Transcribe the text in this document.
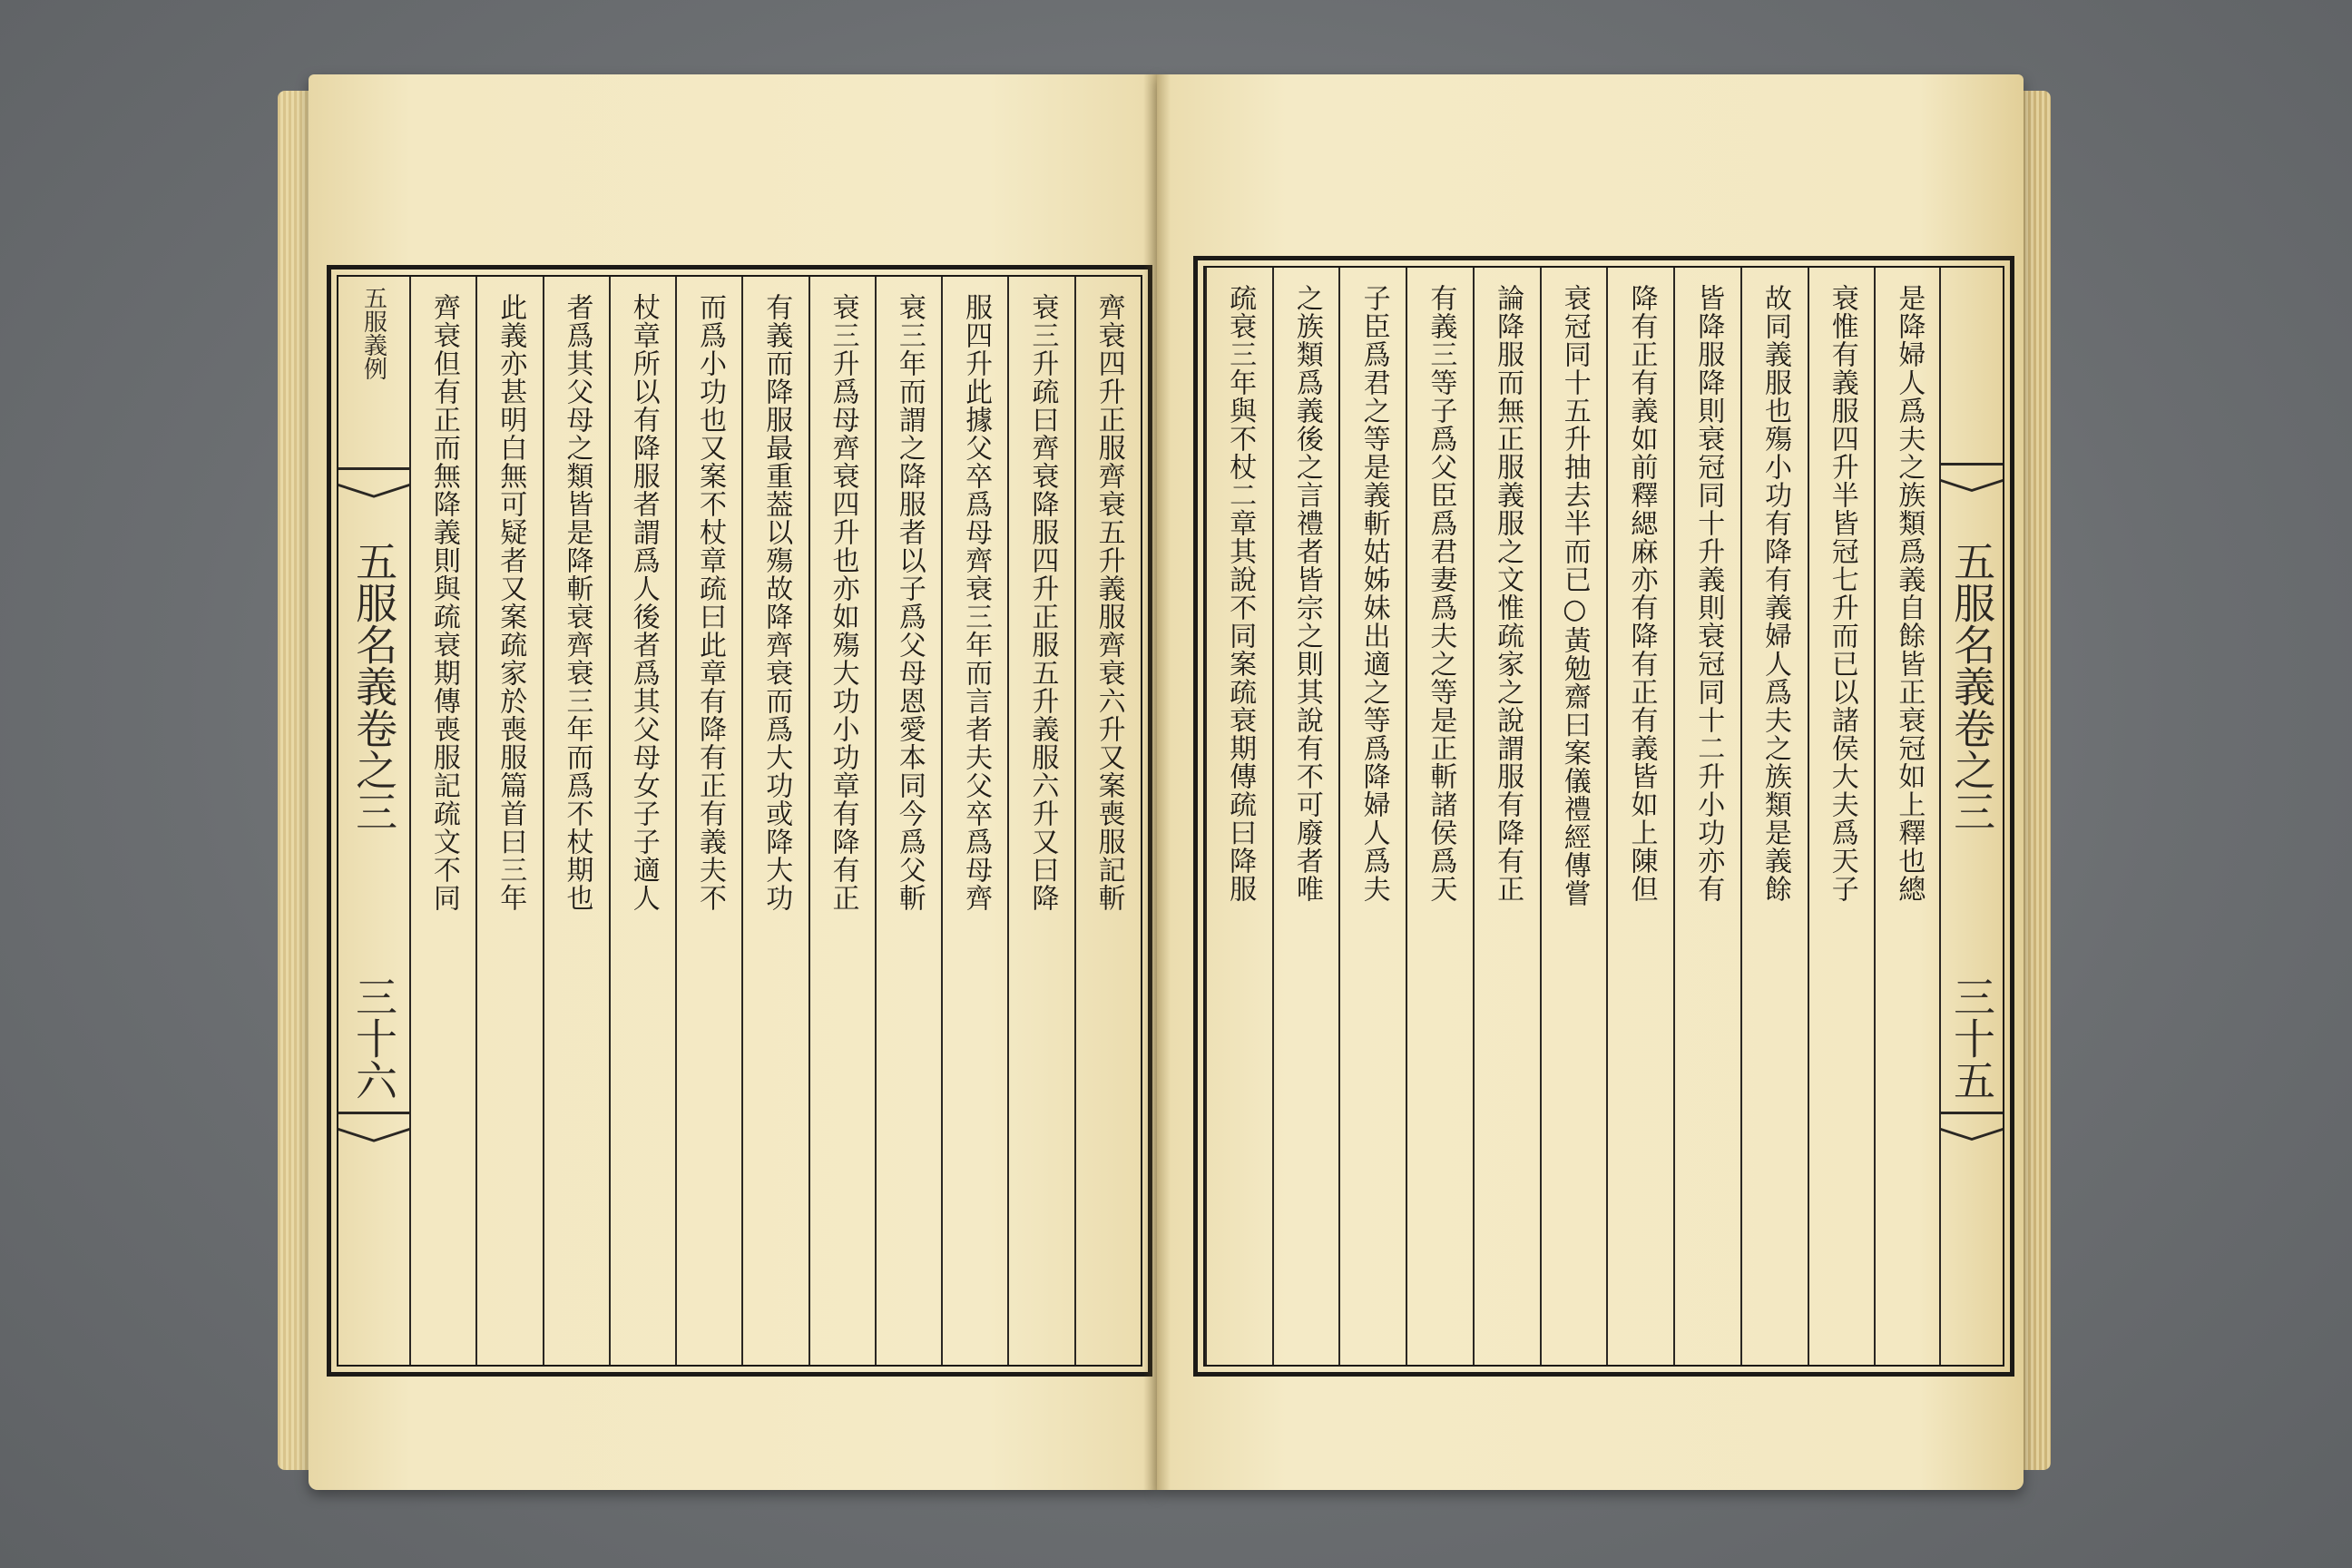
五服義例
五服名義卷之三
三十六
齊衰四升正服齊衰五升義服齊衰六升又案喪服記斬
衰三升疏曰齊衰降服四升正服五升義服六升又曰降
服四升此據父卒爲母齊衰三年而言者夫父卒爲母齊
衰三年而謂之降服者以子爲父母恩愛本同今爲父斬
衰三升爲母齊衰四升也亦如殤大功小功章有降有正
有義而降服最重葢以殤故降齊衰而爲大功或降大功
而爲小功也又案不杖章疏曰此章有降有正有義夫不
杖章所以有降服者謂爲人後者爲其父母女子子適人
者爲其父母之類皆是降斬衰齊衰三年而爲不杖期也
此義亦甚明白無可疑者又案疏家於喪服篇首曰三年
齊衰但有正而無降義則與疏衰期傳喪服記疏文不同	是降婦人爲夫之族類爲義自餘皆正衰冠如上釋也總
衰惟有義服四升半皆冠七升而已以諸侯大夫爲天子
故同義服也殤小功有降有義婦人爲夫之族類是義餘
皆降服降則衰冠同十升義則衰冠同十二升小功亦有
降有正有義如前釋緦麻亦有降有正有義皆如上陳但
衰冠同十五升抽去半而已○黃勉齋曰案儀禮經傳嘗
論降服而無正服義服之文惟疏家之說謂服有降有正
有義三等子爲父臣爲君妻爲夫之等是正斬諸侯爲天
子臣爲君之等是義斬姑姊妹出適之等爲降婦人爲夫
之族類爲義後之言禮者皆宗之則其說有不可廢者唯
疏衰三年與不杖二章其說不同案疏衰期傳疏曰降服	五服名義卷之三
三十五
